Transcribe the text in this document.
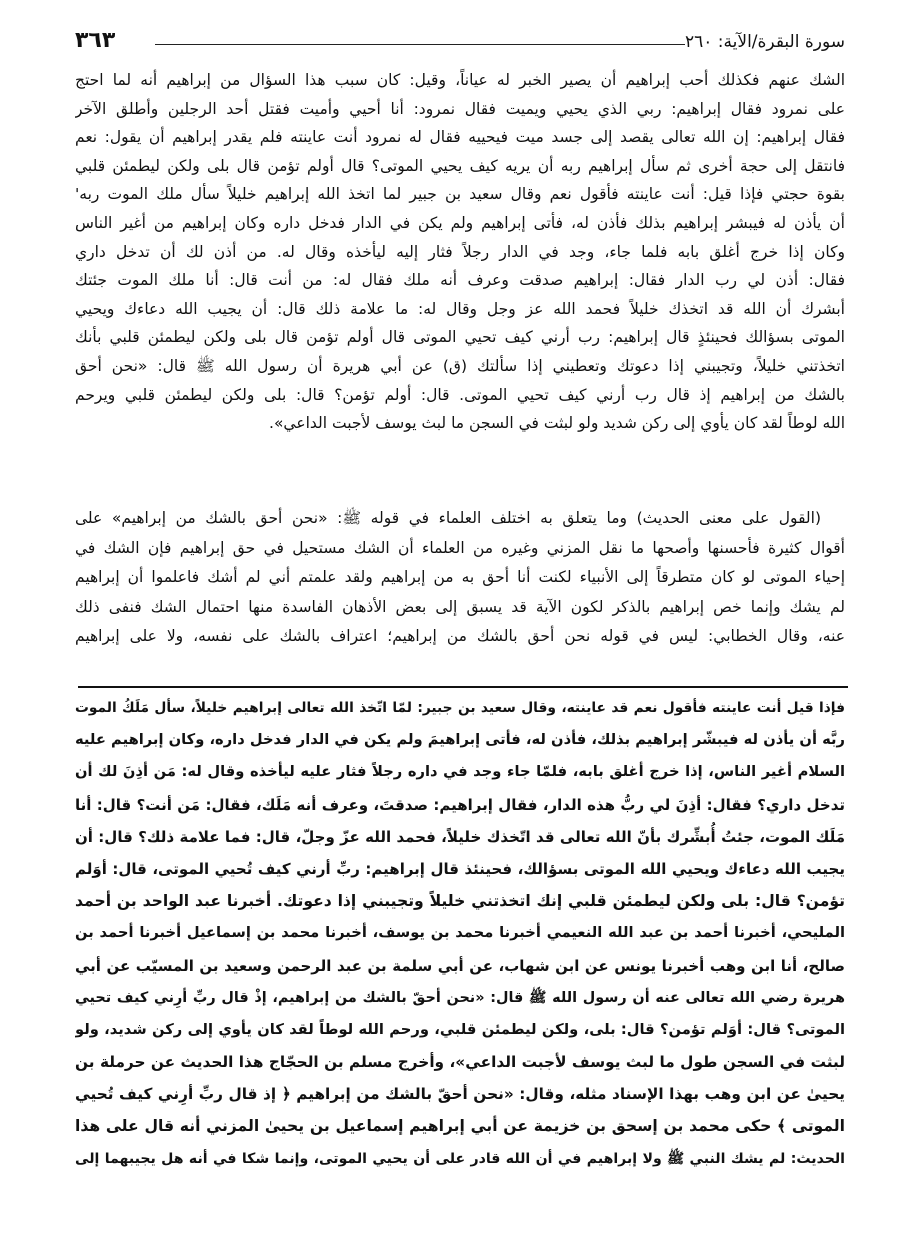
سورة البقرة/الآية: ٢٦٠
٣٦٣
الشك عنهم فكذلك أحب إبراهيم أن يصير الخبر له عياناً، وقيل: كان سبب هذا السؤال من إبراهيم أنه لما احتج
على نمرود فقال إبراهيم: ربي الذي يحيي ويميت فقال نمرود: أنا أحيي وأميت فقتل أحد الرجلين وأطلق الآخر
فقال إبراهيم: إن الله تعالى يقصد إلى جسد ميت فيحييه فقال له نمرود أنت عاينته فلم يقدر إبراهيم أن يقول: نعم
فانتقل إلى حجة أخرى ثم سأل إبراهيم ربه أن يريه كيف يحيي الموتى؟ قال أولم تؤمن قال بلى ولكن ليطمئن قلبي
بقوة حجتي فإذا قيل: أنت عاينته فأقول نعم وقال سعيد بن جبير لما اتخذ الله إبراهيم خليلاً سأل ملك الموت ربه'
أن يأذن له فيبشر إبراهيم بذلك فأذن له، فأتى إبراهيم ولم يكن في الدار فدخل داره وكان إبراهيم من أغير الناس
وكان إذا خرج أغلق بابه فلما جاء، وجد في الدار رجلاً فثار إليه ليأخذه وقال له. من أذن لك أن تدخل داري
فقال: أذن لي رب الدار فقال: إبراهيم صدقت وعرف أنه ملك فقال له: من أنت قال: أنا ملك الموت جئتك
أبشرك أن الله قد اتخذك خليلاً فحمد الله عز وجل وقال له: ما علامة ذلك قال: أن يجيب الله دعاءك ويحيي
الموتى بسؤالك فحينئذٍ قال إبراهيم: رب أرني كيف تحيي الموتى قال أولم تؤمن قال بلى ولكن ليطمئن قلبي بأنك
اتخذتني خليلاً، وتجيبني إذا دعوتك وتعطيني إذا سألتك (ق) عن أبي هريرة أن رسول الله ﷺ قال: «نحن أحق
بالشك من إبراهيم إذ قال رب أرني كيف تحيي الموتى. قال: أولم تؤمن؟ قال: بلى ولكن ليطمئن قلبي ويرحم
الله لوطاً لقد كان يأوي إلى ركن شديد ولو لبثت في السجن ما لبث يوسف لأجبت الداعي».
(القول على معنى الحديث) وما يتعلق به اختلف العلماء في قوله ﷺ: «نحن أحق بالشك من إبراهيم» على
أقوال كثيرة فأحسنها وأصحها ما نقل المزني وغيره من العلماء أن الشك مستحيل في حق إبراهيم فإن الشك في
إحياء الموتى لو كان متطرقاً إلى الأنبياء لكنت أنا أحق به من إبراهيم ولقد علمتم أني لم أشك فاعلموا أن إبراهيم
لم يشك وإنما خص إبراهيم بالذكر لكون الآية قد يسبق إلى بعض الأذهان الفاسدة منها احتمال الشك فنفى ذلك
عنه، وقال الخطابي: ليس في قوله نحن أحق بالشك من إبراهيم؛ اعتراف بالشك على نفسه، ولا على إبراهيم
فإذا قيل أنت عاينته فأقول نعم قد عاينته، وقال سعيد بن جبير: لمّا اتّخذ الله تعالى إبراهيم خليلاً، سأل مَلَكُ الموت
ربَّه أن يأذن له فيبشّر إبراهيم بذلك، فأذن له، فأتى إبراهيمَ ولم يكن في الدار فدخل داره، وكان إبراهيم عليه
السلام أغير الناس، إذا خرج أغلق بابه، فلمّا جاء وجد في داره رجلاً فثار عليه ليأخذه وقال له: مَن أذِنَ لك أن
تدخل داري؟ فقال: أذِنَ لي ربُّ هذه الدار، فقال إبراهيم: صدقتَ، وعرف أنه مَلَك، فقال: مَن أنت؟ قال: أنا
مَلَك الموت، جئتُ أُبشِّرك بأنّ الله تعالى قد اتّخذك خليلاً، فحمد الله عزّ وجلّ، قال: فما علامة ذلك؟ قال: أن
يجيب الله دعاءك ويحيي الله الموتى بسؤالك، فحينئذ قال إبراهيم: ربِّ أرني كيف تُحيي الموتى، قال: أوَلم
تؤمن؟ قال: بلى ولكن ليطمئن قلبي إنك اتخذتني خليلاً وتجيبني إذا دعوتك. أخبرنا عبد الواحد بن أحمد
المليحي، أخبرنا أحمد بن عبد الله النعيمي أخبرنا محمد بن يوسف، أخبرنا محمد بن إسماعيل أخبرنا أحمد بن
صالح، أنا ابن وهب أخبرنا يونس عن ابن شهاب، عن أبي سلمة بن عبد الرحمن وسعيد بن المسيّب عن أبي
هريرة رضي الله تعالى عنه أن رسول الله ﷺ قال: «نحن أحقّ بالشك من إبراهيم، إذْ قال ربِّ أرِني كيف تحيي
الموتى؟ قال: أوَلم تؤمن؟ قال: بلى، ولكن ليطمئن قلبي، ورحم الله لوطاً لقد كان يأوي إلى ركن شديد، ولو
لبثت في السجن طول ما لبث يوسف لأجبت الداعي»، وأخرج مسلم بن الحجّاج هذا الحديث عن حرملة بن
يحيىٰ عن ابن وهب بهذا الإسناد مثله، وقال: «نحن أحقّ بالشك من إبراهيم ﴿ إذ قال ربِّ أرِني كيف تُحيي
الموتى ﴾ حكى محمد بن إسحق بن خزيمة عن أبي إبراهيم إسماعيل بن يحيىٰ المزني أنه قال على هذا
الحديث: لم يشك النبي ﷺ ولا إبراهيم في أن الله قادر على أن يحيي الموتى، وإنما شكا في أنه هل يجيبهما إلى
